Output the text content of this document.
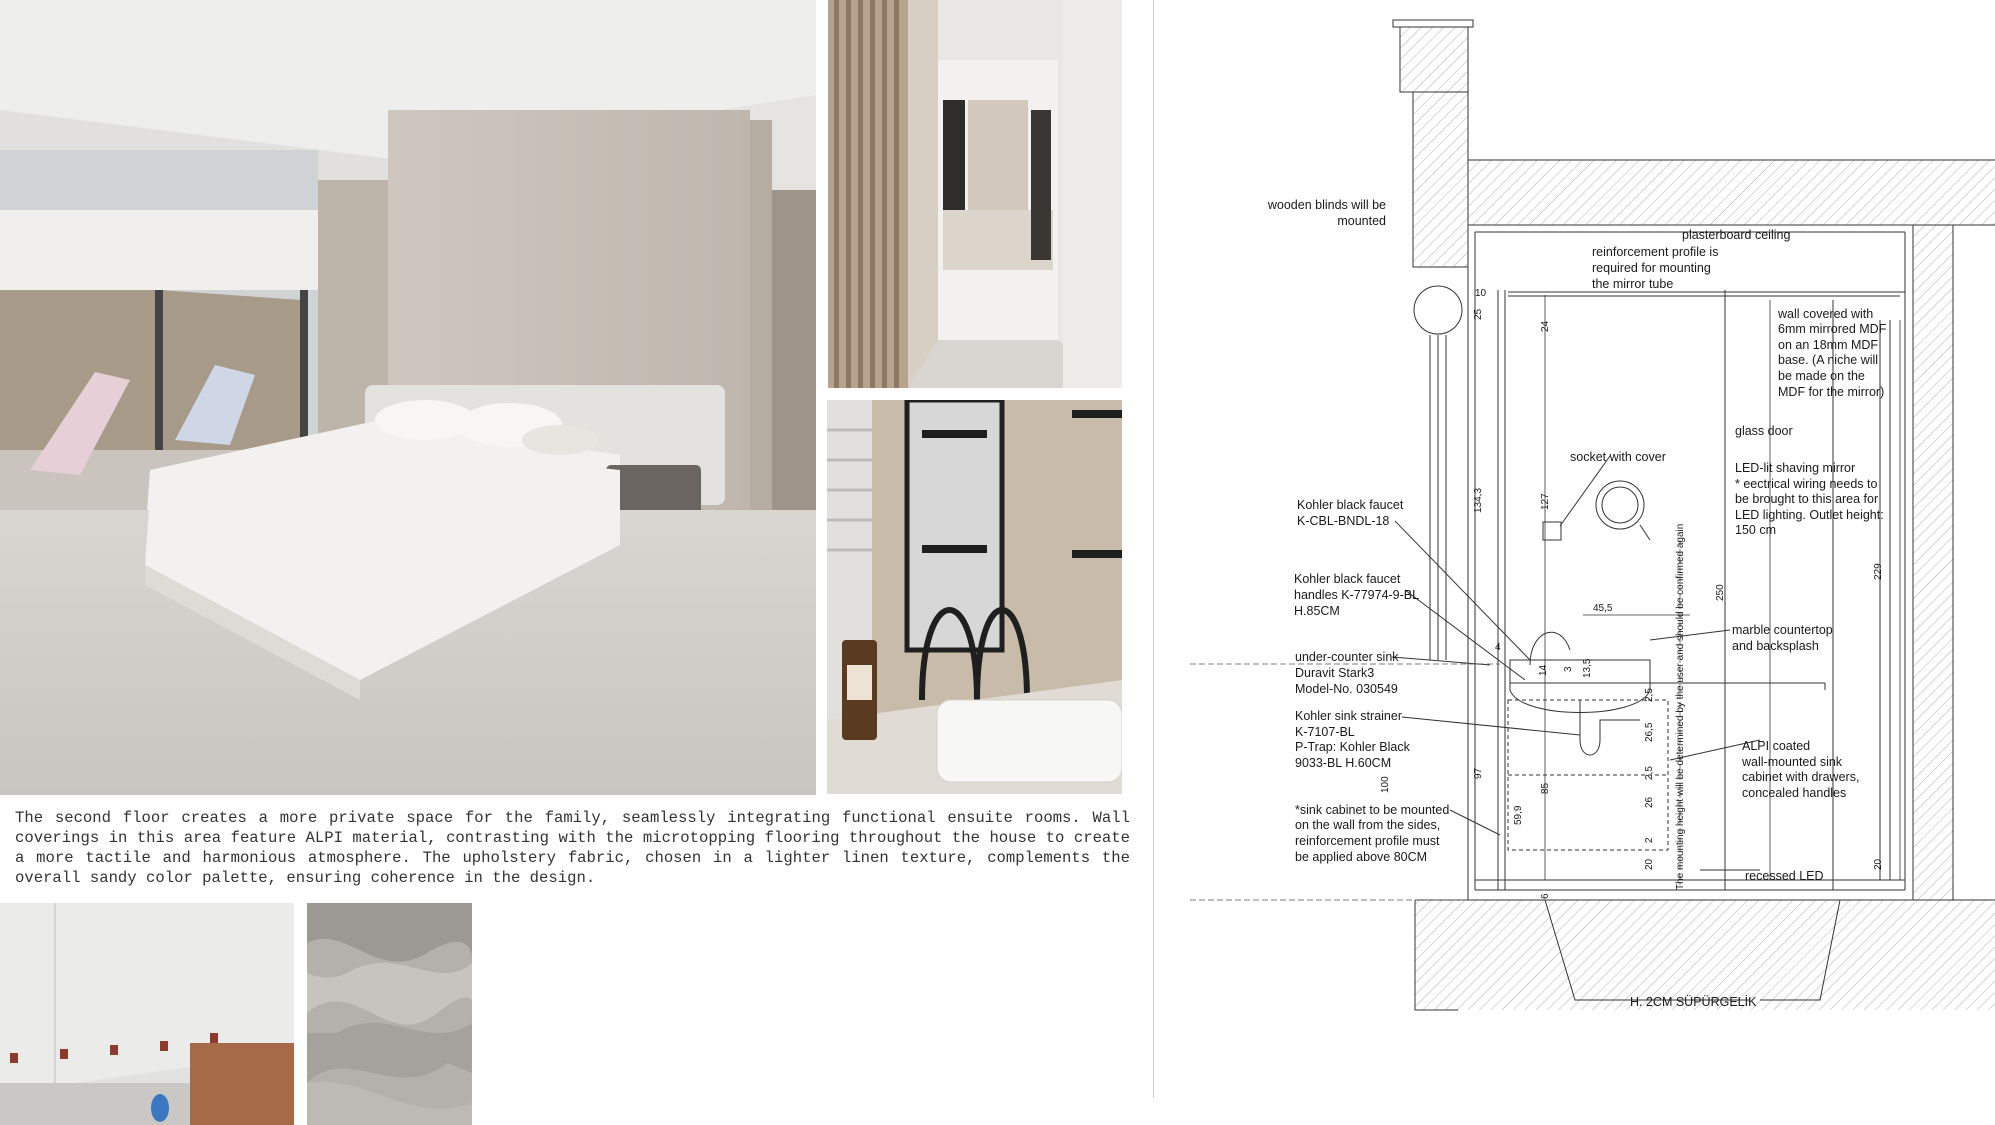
The second floor creates a more private space for the family, seamlessly integrating functional ensuite rooms. Wall coverings in this area feature ALPI material, contrasting with the microtopping flooring throughout the house to create a more tactile and harmonious atmosphere. The upholstery fabric, chosen in a lighter linen texture, complements the overall sandy color palette, ensuring coherence in the design.

wooden blinds will be
mounted
plasterboard ceiling
reinforcement profile is
required for mounting
the mirror tube
wall covered with
6mm mirrored MDF
on an 18mm MDF
base. (A niche will
be made on the
MDF for the mirror)
glass door
socket with cover
LED-lit shaving mirror
* eectrical wiring needs to
be brought to this area for
LED lighting. Outlet height:
150 cm
Kohler black faucet
K-CBL-BNDL-18
Kohler black faucet
handles K-77974-9-BL
H.85CM
marble countertop
and backsplash
under-counter sink
Duravit Stark3
Model-No. 030549
Kohler sink strainer
K-7107-BL
P-Trap: Kohler Black
9033-BL H.60CM
ALPI coated
wall-mounted sink
cabinet with drawers,
concealed handles
*sink cabinet to be mounted
on the wall from the sides,
reinforcement profile must
be applied above 80CM
recessed LED
H. 2CM SÜPÜRGELİK
The mounting height will be determined by the user and should be confirmed again
10
25
24
134,3	127
45,5
4
14 3 13,5
2,5
26,5
2,5
26
2
85
97
100
59,9
20	20
6
250
229
